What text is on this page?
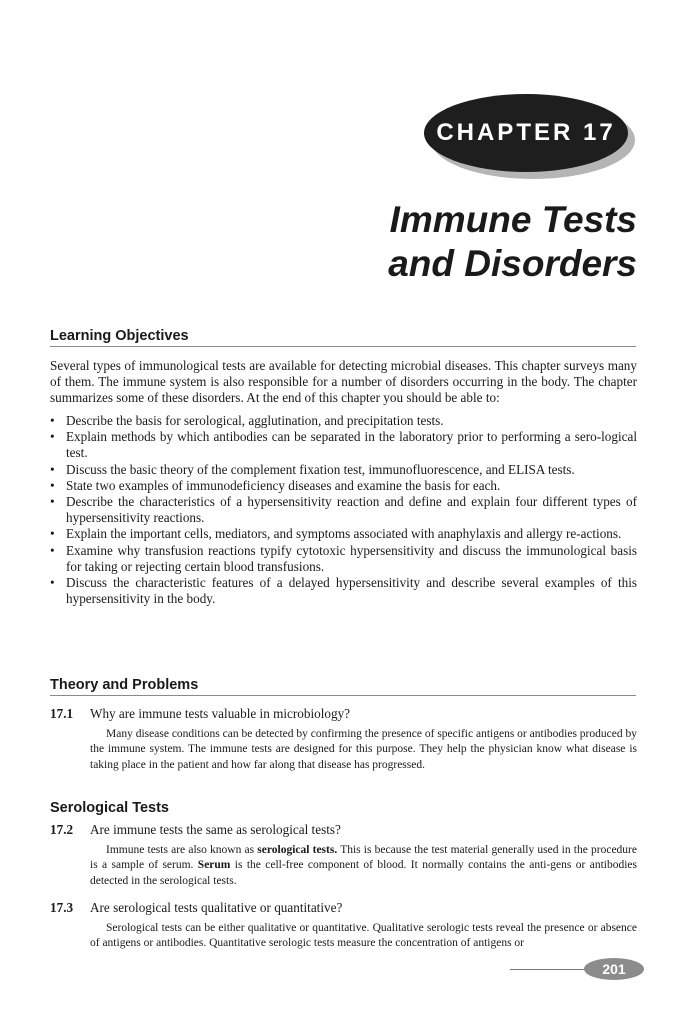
CHAPTER 17
Immune Tests
and Disorders
Learning Objectives

Several types of immunological tests are available for detecting microbial diseases. This chapter surveys many of them. The immune system is also responsible for a number of disorders occurring in the body. The chapter summarizes some of these disorders. At the end of this chapter you should be able to:

• Describe the basis for serological, agglutination, and precipitation tests.
• Explain methods by which antibodies can be separated in the laboratory prior to performing a sero-logical test.
• Discuss the basic theory of the complement fixation test, immunofluorescence, and ELISA tests.
• State two examples of immunodeficiency diseases and examine the basis for each.
• Describe the characteristics of a hypersensitivity reaction and define and explain four different types of hypersensitivity reactions.
• Explain the important cells, mediators, and symptoms associated with anaphylaxis and allergy re-actions.
• Examine why transfusion reactions typify cytotoxic hypersensitivity and discuss the immunological basis for taking or rejecting certain blood transfusions.
• Discuss the characteristic features of a delayed hypersensitivity and describe several examples of this hypersensitivity in the body.
Theory and Problems
17.1 Why are immune tests valuable in microbiology?

Many disease conditions can be detected by confirming the presence of specific antigens or antibodies produced by the immune system. The immune tests are designed for this purpose. They help the physician know what disease is taking place in the patient and how far along that disease has progressed.

Serological Tests
17.2 Are immune tests the same as serological tests?

Immune tests are also known as serological tests. This is because the test material generally used in the procedure is a sample of serum. Serum is the cell-free component of blood. It normally contains the anti-gens or antibodies detected in the serological tests.

17.3 Are serological tests qualitative or quantitative?

Serological tests can be either qualitative or quantitative. Qualitative serologic tests reveal the presence or absence of antigens or antibodies. Quantitative serologic tests measure the concentration of antigens or

201
